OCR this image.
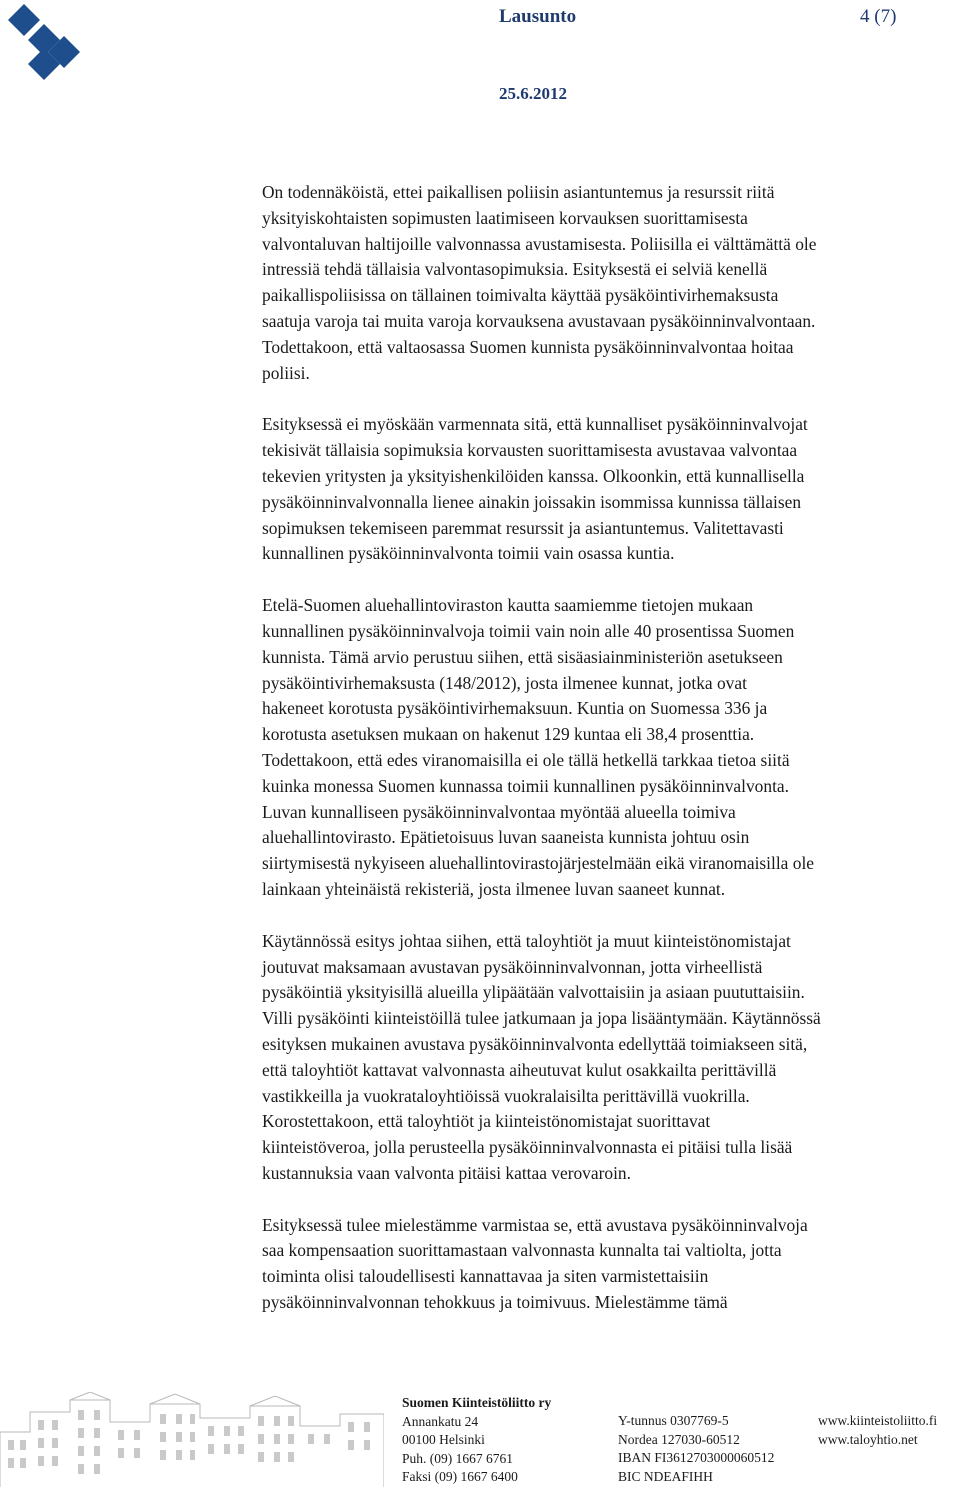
Lausunto	4 (7)
25.6.2012
On todennäköistä, ettei paikallisen poliisin asiantuntemus ja resurssit riitä
yksityiskohtaisten sopimusten laatimiseen korvauksen suorittamisesta
valvontaluvan haltijoille valvonnassa avustamisesta. Poliisilla ei välttämättä ole
intressiä tehdä tällaisia valvontasopimuksia. Esityksestä ei selviä kenellä
paikallispoliisissa on tällainen toimivalta käyttää pysäköintivirhemaksusta
saatuja varoja tai muita varoja korvauksena avustavaan pysäköinninvalvontaan.
Todettakoon, että valtaosassa Suomen kunnista pysäköinninvalvontaa hoitaa
poliisi.
Esityksessä ei myöskään varmennata sitä, että kunnalliset pysäköinninvalvojat
tekisivät tällaisia sopimuksia korvausten suorittamisesta avustavaa valvontaa
tekevien yritysten ja yksityishenkilöiden kanssa. Olkoonkin, että kunnallisella
pysäköinninvalvonnalla lienee ainakin joissakin isommissa kunnissa tällaisen
sopimuksen tekemiseen paremmat resurssit ja asiantuntemus. Valitettavasti
kunnallinen pysäköinninvalvonta toimii vain osassa kuntia.
Etelä-Suomen aluehallintoviraston kautta saamiemme tietojen mukaan
kunnallinen pysäköinninvalvoja toimii vain noin alle 40 prosentissa Suomen
kunnista. Tämä arvio perustuu siihen, että sisäasiainministeriön asetukseen
pysäköintivirhemaksusta (148/2012), josta ilmenee kunnat, jotka ovat
hakeneet korotusta pysäköintivirhemaksuun. Kuntia on Suomessa 336 ja
korotusta asetuksen mukaan on hakenut 129 kuntaa eli 38,4 prosenttia.
Todettakoon, että edes viranomaisilla ei ole tällä hetkellä tarkkaa tietoa siitä
kuinka monessa Suomen kunnassa toimii kunnallinen pysäköinninvalvonta.
Luvan kunnalliseen pysäköinninvalvontaa myöntää alueella toimiva
aluehallintovirasto. Epätietoisuus luvan saaneista kunnista johtuu osin
siirtymisestä nykyiseen aluehallintovirastojärjestelmään eikä viranomaisilla ole
lainkaan yhteinäistä rekisteriä, josta ilmenee luvan saaneet kunnat.
Käytännössä esitys johtaa siihen, että taloyhtiöt ja muut kiinteistönomistajat
joutuvat maksamaan avustavan pysäköinninvalvonnan, jotta virheellistä
pysäköintiä yksityisillä alueilla ylipäätään valvottaisiin ja asiaan puututtaisiin.
Villi pysäköinti kiinteistöillä tulee jatkumaan ja jopa lisääntymään. Käytännössä
esityksen mukainen avustava pysäköinninvalvonta edellyttää toimiakseen sitä,
että taloyhtiöt kattavat valvonnasta aiheutuvat kulut osakkailta perittävillä
vastikkeilla ja vuokrataloyhtiöissä vuokralaisilta perittävillä vuokrilla.
Korostettakoon, että taloyhtiöt ja kiinteistönomistajat suorittavat
kiinteistöveroa, jolla perusteella pysäköinninvalvonnasta ei pitäisi tulla lisää
kustannuksia vaan valvonta pitäisi kattaa verovaroin.
Esityksessä tulee mielestämme varmistaa se, että avustava pysäköinninvalvoja
saa kompensaation suorittamastaan valvonnasta kunnalta tai valtiolta, jotta
toiminta olisi taloudellisesti kannattavaa ja siten varmistettaisiin
pysäköinninvalvonnan tehokkuus ja toimivuus. Mielestämme tämä
Suomen Kiinteistöliitto ry
Annankatu 24
00100 Helsinki
Puh. (09) 1667 6761
Faksi (09) 1667 6400
Y-tunnus 0307769-5
Nordea 127030-60512
IBAN FI3612703000060512
BIC NDEAFIHH
www.kiinteistoliitto.fi
www.taloyhtio.net
